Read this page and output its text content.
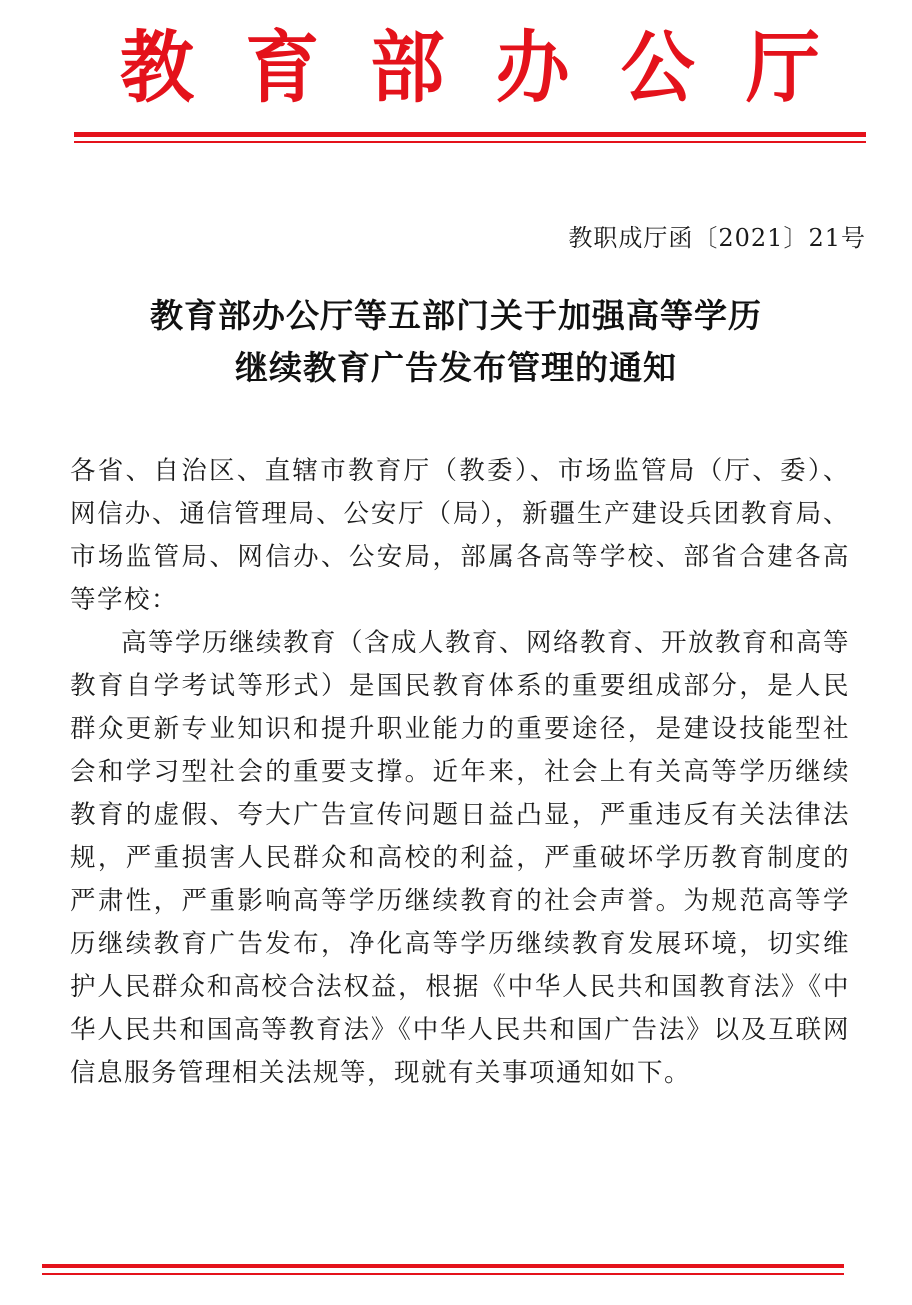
教 育 部 办 公 厅
教职成厅函〔2021〕21号
教育部办公厅等五部门关于加强高等学历
继续教育广告发布管理的通知

各省、自治区、直辖市教育厅（教委）、市场监管局（厅、委）、网信办、通信管理局、公安厅（局），新疆生产建设兵团教育局、市场监管局、网信办、公安局，部属各高等学校、部省合建各高等学校：

高等学历继续教育（含成人教育、网络教育、开放教育和高等教育自学考试等形式）是国民教育体系的重要组成部分，是人民群众更新专业知识和提升职业能力的重要途径，是建设技能型社会和学习型社会的重要支撑。近年来，社会上有关高等学历继续教育的虚假、夸大广告宣传问题日益凸显，严重违反有关法律法规，严重损害人民群众和高校的利益，严重破坏学历教育制度的严肃性，严重影响高等学历继续教育的社会声誉。为规范高等学历继续教育广告发布，净化高等学历继续教育发展环境，切实维护人民群众和高校合法权益，根据《中华人民共和国教育法》《中华人民共和国高等教育法》《中华人民共和国广告法》以及互联网信息服务管理相关法规等，现就有关事项通知如下。
